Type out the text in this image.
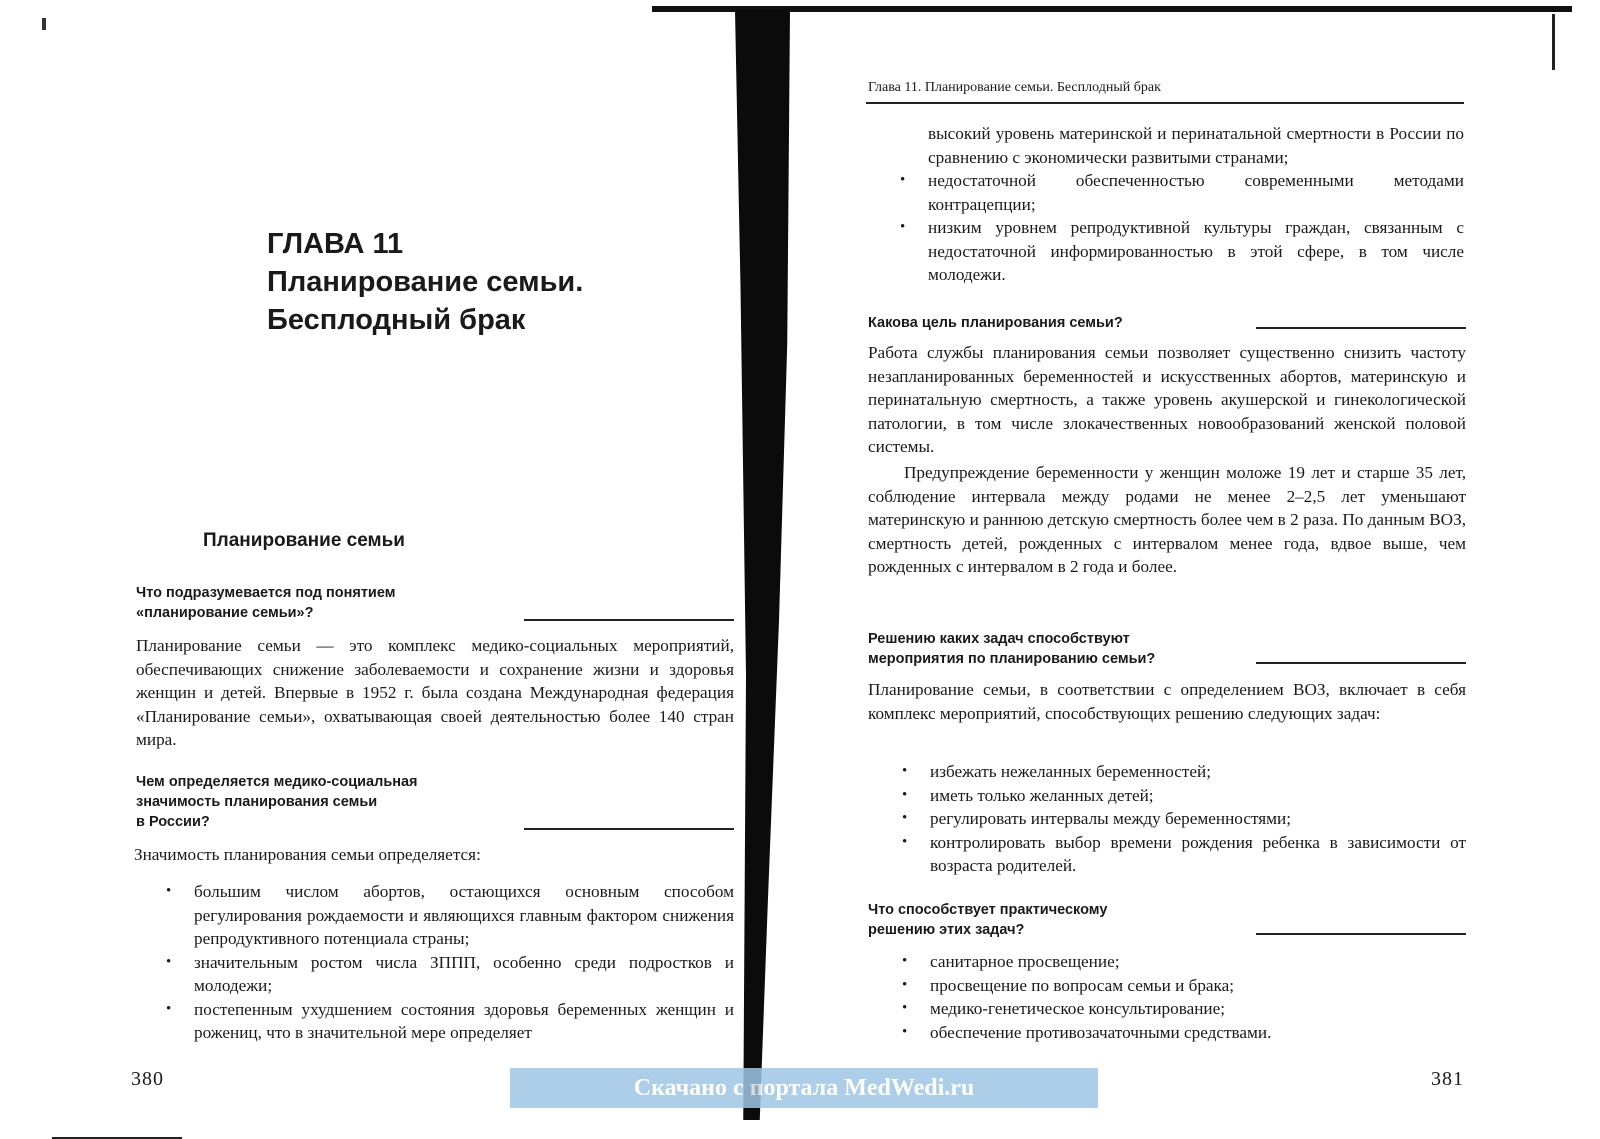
ГЛАВА 11
Планирование семьи.
Бесплодный брак
Планирование семьи
Что подразумевается под понятием
«планирование семьи»?
Планирование семьи — это комплекс медико-социальных мероприятий, обеспечивающих снижение заболеваемости и сохранение жизни и здоровья женщин и детей. Впервые в 1952 г. была создана Международная федерация «Планирование семьи», охватывающая своей деятельностью более 140 стран мира.
Чем определяется медико-социальная
значимость планирования семьи
в России?
Значимость планирования семьи определяется:
• большим числом абортов, остающихся основным способом регулирования рождаемости и являющихся главным фактором снижения репродуктивного потенциала страны;
• значительным ростом числа ЗППП, особенно среди подростков и молодежи;
• постепенным ухудшением состояния здоровья беременных женщин и рожениц, что в значительной мере определяет
380
Глава 11. Планирование семьи. Бесплодный брак
высокий уровень материнской и перинатальной смертности в России по сравнению с экономически развитыми странами;
• недостаточной обеспеченностью современными методами контрацепции;
• низким уровнем репродуктивной культуры граждан, связанным с недостаточной информированностью в этой сфере, в том числе молодежи.
Какова цель планирования семьи?
Работа службы планирования семьи позволяет существенно снизить частоту незапланированных беременностей и искусственных абортов, материнскую и перинатальную смертность, а также уровень акушерской и гинекологической патологии, в том числе злокачественных новообразований женской половой системы.
Предупреждение беременности у женщин моложе 19 лет и старше 35 лет, соблюдение интервала между родами не менее 2–2,5 лет уменьшают материнскую и раннюю детскую смертность более чем в 2 раза. По данным ВОЗ, смертность детей, рожденных с интервалом менее года, вдвое выше, чем рожденных с интервалом в 2 года и более.
Решению каких задач способствуют
мероприятия по планированию семьи?
Планирование семьи, в соответствии с определением ВОЗ, включает в себя комплекс мероприятий, способствующих решению следующих задач:
• избежать нежеланных беременностей;
• иметь только желанных детей;
• регулировать интервалы между беременностями;
• контролировать выбор времени рождения ребенка в зависимости от возраста родителей.
Что способствует практическому
решению этих задач?
• санитарное просвещение;
• просвещение по вопросам семьи и брака;
• медико-генетическое консультирование;
• обеспечение противозачаточными средствами.
381
Скачано с портала MedWedi.ru
